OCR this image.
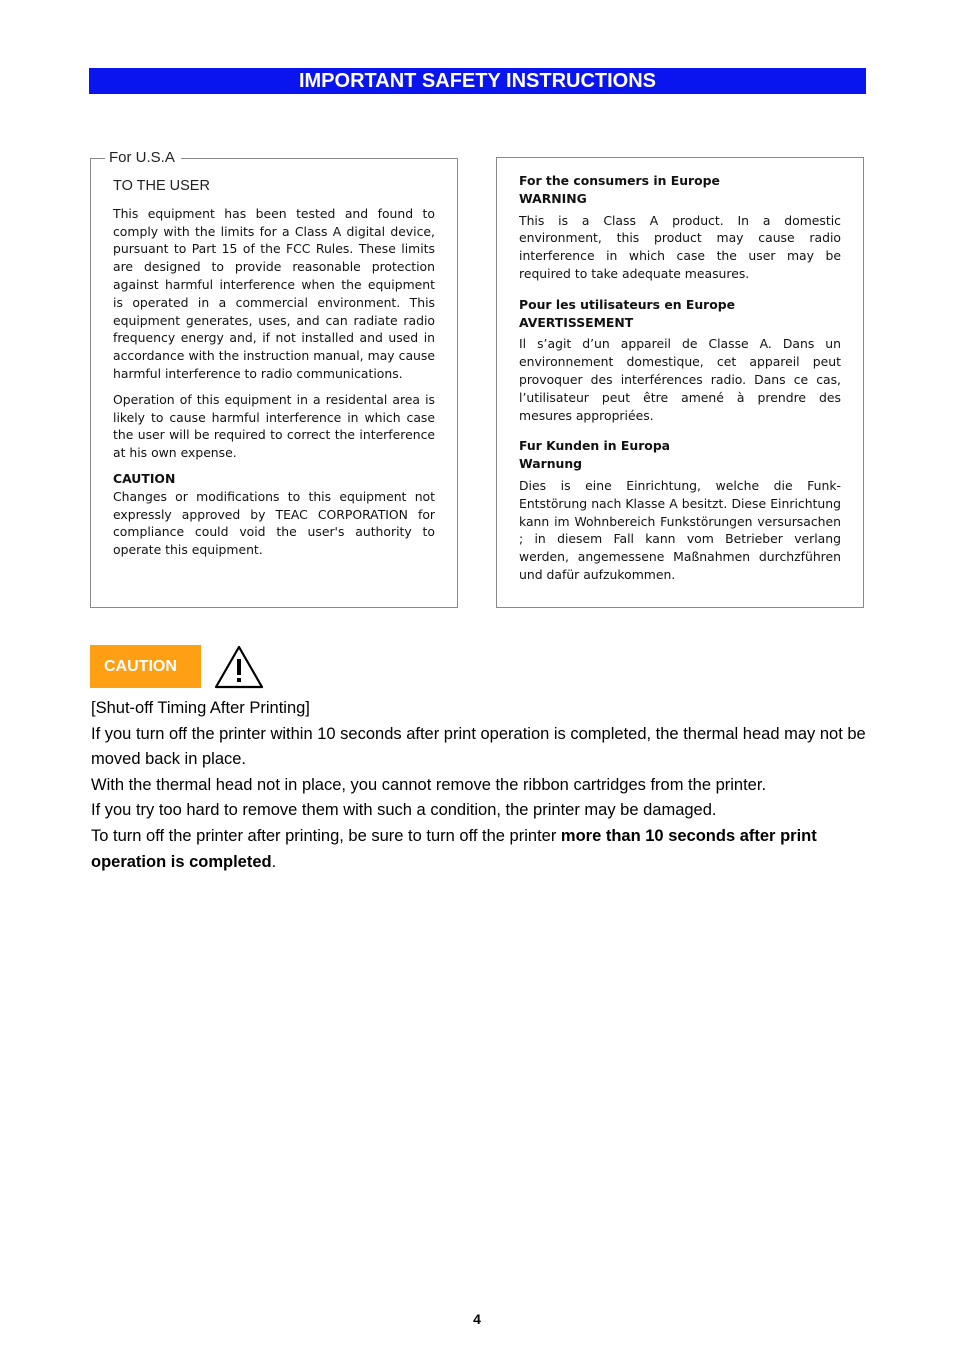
IMPORTANT SAFETY INSTRUCTIONS
For U.S.A
TO THE USER

This equipment has been tested and found to comply with the limits for a Class A digital device, pursuant to Part 15 of the FCC Rules. These limits are designed to provide reasonable protection against harmful interference when the equipment is operated in a commercial environment. This equipment generates, uses, and can radiate radio frequency energy and, if not installed and used in accordance with the instruction manual, may cause harmful interference to radio communications.

Operation of this equipment in a residental area is likely to cause harmful interference in which case the user will be required to correct the interference at his own expense.

CAUTION

Changes or modifications to this equipment not expressly approved by TEAC CORPORATION for compliance could void the user's authority to operate this equipment.

For the consumers in Europe
WARNING

This is a Class A product. In a domestic environment, this product may cause radio interference in which case the user may be required to take adequate measures.

Pour les utilisateurs en Europe
AVERTISSEMENT

Il s’agit d’un appareil de Classe A. Dans un environnement domestique, cet appareil peut provoquer des interférences radio. Dans ce cas, l’utilisateur peut être amené à prendre des mesures appropriées.

Fur Kunden in Europa
Warnung

Dies is eine Einrichtung, welche die Funk-Entstörung nach Klasse A besitzt. Diese Einrichtung kann im Wohnbereich Funkstörungen versursachen ; in diesem Fall kann vom Betrieber verlang werden, angemessene Maßnahmen durchzführen und dafür aufzukommen.

CAUTION

[Shut-off Timing After Printing]

If you turn off the printer within 10 seconds after print operation is completed, the thermal head may not be moved back in place.

With the thermal head not in place, you cannot remove the ribbon cartridges from the printer.

If you try too hard to remove them with such a condition, the printer may be damaged.

To turn off the printer after printing, be sure to turn off the printer more than 10 seconds after print operation is completed.

4
